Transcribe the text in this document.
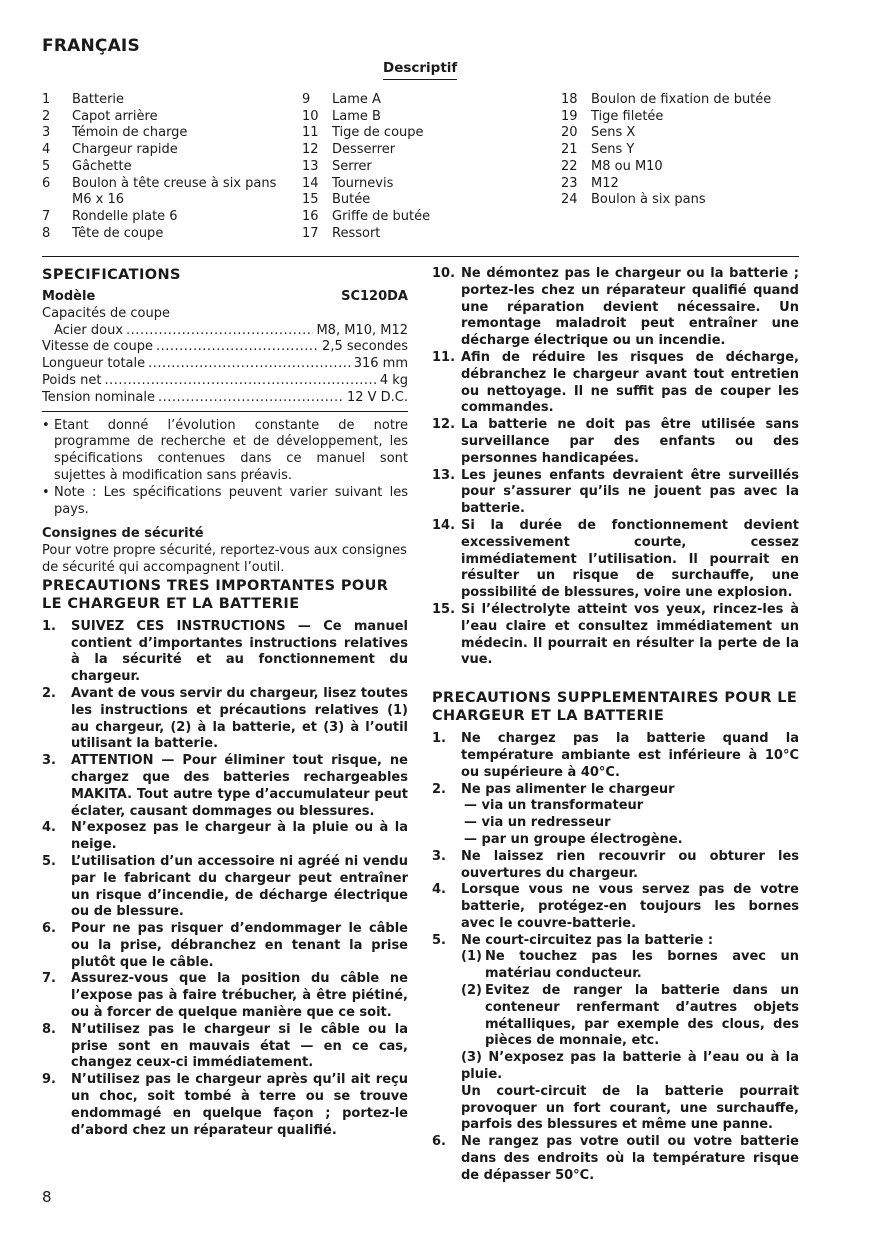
FRANÇAIS
Descriptif
1	Batterie
2	Capot arrière
3	Témoin de charge
4	Chargeur rapide
5	Gâchette
6	Boulon à tête creuse à six pans M6 x 16
7	Rondelle plate 6
8	Tête de coupe
9	Lame A
10	Lame B
11	Tige de coupe
12	Desserrer
13	Serrer
14	Tournevis
15	Butée
16	Griffe de butée
17	Ressort
18	Boulon de fixation de butée
19	Tige filetée
20	Sens X
21	Sens Y
22	M8 ou M10
23	M12
24	Boulon à six pans
SPECIFICATIONS
Modèle	SC120DA
Capacités de coupe
Acier doux .....	M8, M10, M12
Vitesse de coupe .....	2,5 secondes
Longueur totale .....	316 mm
Poids net .....	4 kg
Tension nominale .....	12 V D.C.
• Etant donné l’évolution constante de notre programme de recherche et de développement, les spécifications contenues dans ce manuel sont sujettes à modification sans préavis.
• Note : Les spécifications peuvent varier suivant les pays.
Consignes de sécurité
Pour votre propre sécurité, reportez-vous aux consignes de sécurité qui accompagnent l’outil.
PRECAUTIONS TRES IMPORTANTES POUR LE CHARGEUR ET LA BATTERIE
1.	SUIVEZ CES INSTRUCTIONS — Ce manuel contient d’importantes instructions relatives à la sécurité et au fonctionnement du chargeur.
2.	Avant de vous servir du chargeur, lisez toutes les instructions et précautions relatives (1) au chargeur, (2) à la batterie, et (3) à l’outil utilisant la batterie.
3.	ATTENTION — Pour éliminer tout risque, ne chargez que des batteries rechargeables MAKITA. Tout autre type d’accumulateur peut éclater, causant dommages ou blessures.
4.	N’exposez pas le chargeur à la pluie ou à la neige.
5.	L’utilisation d’un accessoire ni agréé ni vendu par le fabricant du chargeur peut entraîner un risque d’incendie, de décharge électrique ou de blessure.
6.	Pour ne pas risquer d’endommager le câble ou la prise, débranchez en tenant la prise plutôt que le câble.
7.	Assurez-vous que la position du câble ne l’expose pas à faire trébucher, à être piétiné, ou à forcer de quelque manière que ce soit.
8.	N’utilisez pas le chargeur si le câble ou la prise sont en mauvais état — en ce cas, changez ceux-ci immédiatement.
9.	N’utilisez pas le chargeur après qu’il ait reçu un choc, soit tombé à terre ou se trouve endommagé en quelque façon ; portez-le d’abord chez un réparateur qualifié.
10. Ne démontez pas le chargeur ou la batterie ; portez-les chez un réparateur qualifié quand une réparation devient nécessaire. Un remontage maladroit peut entraîner une décharge électrique ou un incendie.
11. Afin de réduire les risques de décharge, débranchez le chargeur avant tout entretien ou nettoyage. Il ne suffit pas de couper les commandes.
12. La batterie ne doit pas être utilisée sans surveillance par des enfants ou des personnes handicapées.
13. Les jeunes enfants devraient être surveillés pour s’assurer qu’ils ne jouent pas avec la batterie.
14. Si la durée de fonctionnement devient excessivement courte, cessez immédiatement l’utilisation. Il pourrait en résulter un risque de surchauffe, une possibilité de blessures, voire une explosion.
15. Si l’électrolyte atteint vos yeux, rincez-les à l’eau claire et consultez immédiatement un médecin. Il pourrait en résulter la perte de la vue.
PRECAUTIONS SUPPLEMENTAIRES POUR LE CHARGEUR ET LA BATTERIE
1.	Ne chargez pas la batterie quand la température ambiante est inférieure à 10°C ou supérieure à 40°C.
2.	Ne pas alimenter le chargeur
— via un transformateur
— via un redresseur
— par un groupe électrogène.
3.	Ne laissez rien recouvrir ou obturer les ouvertures du chargeur.
4.	Lorsque vous ne vous servez pas de votre batterie, protégez-en toujours les bornes avec le couvre-batterie.
5.	Ne court-circuitez pas la batterie :
(1) Ne touchez pas les bornes avec un matériau conducteur.
(2) Evitez de ranger la batterie dans un conteneur renfermant d’autres objets métalliques, par exemple des clous, des pièces de monnaie, etc.
(3) N’exposez pas la batterie à l’eau ou à la pluie.
Un court-circuit de la batterie pourrait provoquer un fort courant, une surchauffe, parfois des blessures et même une panne.
6.	Ne rangez pas votre outil ou votre batterie dans des endroits où la température risque de dépasser 50°C.
8
